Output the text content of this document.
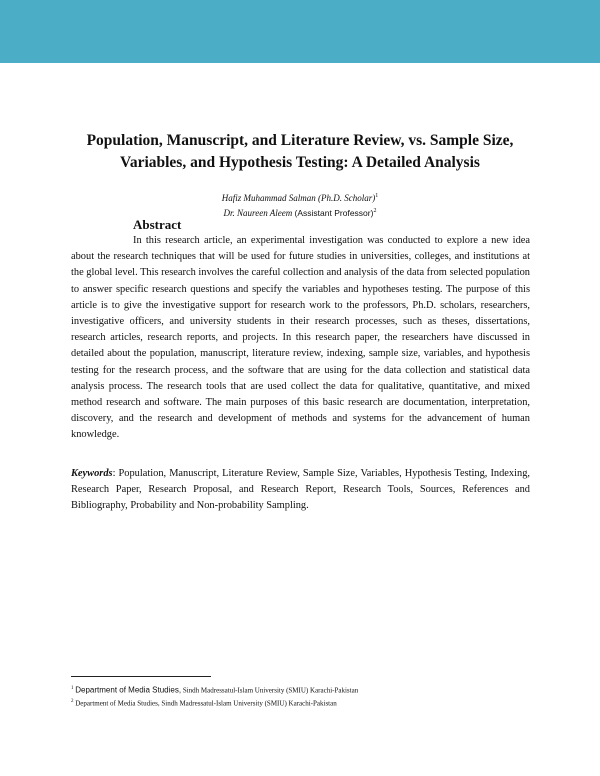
Population, Manuscript, and Literature Review, vs. Sample Size,
Variables, and Hypothesis Testing: A Detailed Analysis
Hafiz Muhammad Salman (Ph.D. Scholar)$^1$
Dr. Naureen Aleem (Assistant Professor)$^2$
Abstract

In this research article, an experimental investigation was conducted to explore a new idea about the research techniques that will be used for future studies in universities, colleges, and institutions at the global level. This research involves the careful collection and analysis of the data from selected population to answer specific research questions and specify the variables and hypotheses testing. The purpose of this article is to give the investigative support for research work to the professors, Ph.D. scholars, researchers, investigative officers, and university students in their research processes, such as theses, dissertations, research articles, research reports, and projects. In this research paper, the researchers have discussed in detailed about the population, manuscript, literature review, indexing, sample size, variables, and hypothesis testing for the research process, and the software that are using for the data collection and statistical data analysis process. The research tools that are used collect the data for qualitative, quantitative, and mixed method research and software. The main purposes of this basic research are documentation, interpretation, discovery, and the research and development of methods and systems for the advancement of human knowledge.

Keywords: Population, Manuscript, Literature Review, Sample Size, Variables, Hypothesis Testing, Indexing, Research Paper, Research Proposal, and Research Report, Research Tools, Sources, References and Bibliography, Probability and Non-probability Sampling.

$^1$ Department of Media Studies, Sindh Madressatul-Islam University (SMIU) Karachi-Pakistan
$^2$ Department of Media Studies, Sindh Madressatul-Islam University (SMIU) Karachi-Pakistan
